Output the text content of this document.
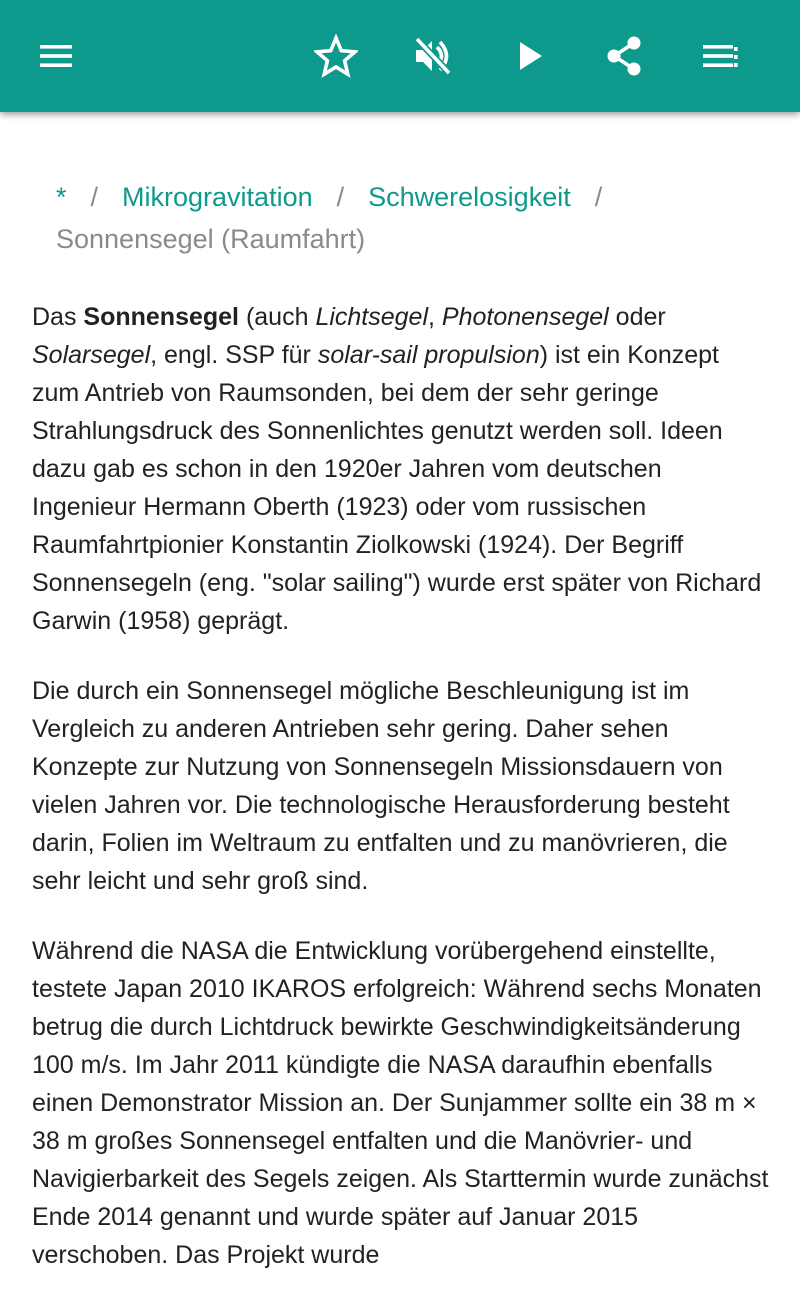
* / Mikrogravitation / Schwerelosigkeit /
Sonnensegel (Raumfahrt)

Das Sonnensegel (auch Lichtsegel, Photonensegel oder Solarsegel, engl. SSP für solar-sail propulsion) ist ein Konzept zum Antrieb von Raumsonden, bei dem der sehr geringe Strahlungsdruck des Sonnenlichtes genutzt werden soll. Ideen dazu gab es schon in den 1920er Jahren vom deutschen Ingenieur Hermann Oberth (1923) oder vom russischen Raumfahrtpionier Konstantin Ziolkowski (1924). Der Begriff Sonnensegeln (eng. "solar sailing") wurde erst später von Richard Garwin (1958) geprägt.

Die durch ein Sonnensegel mögliche Beschleunigung ist im Vergleich zu anderen Antrieben sehr gering. Daher sehen Konzepte zur Nutzung von Sonnensegeln Missionsdauern von vielen Jahren vor. Die technologische Herausforderung besteht darin, Folien im Weltraum zu entfalten und zu manövrieren, die sehr leicht und sehr groß sind.

Während die NASA die Entwicklung vorübergehend einstellte, testete Japan 2010 IKAROS erfolgreich: Während sechs Monaten betrug die durch Lichtdruck bewirkte Geschwindigkeitsänderung 100 m/s. Im Jahr 2011 kündigte die NASA daraufhin ebenfalls einen Demonstrator Mission an. Der Sunjammer sollte ein 38 m × 38 m großes Sonnensegel entfalten und die Manövrier- und Navigierbarkeit des Segels zeigen. Als Starttermin wurde zunächst Ende 2014 genannt und wurde später auf Januar 2015 verschoben. Das Projekt wurde
